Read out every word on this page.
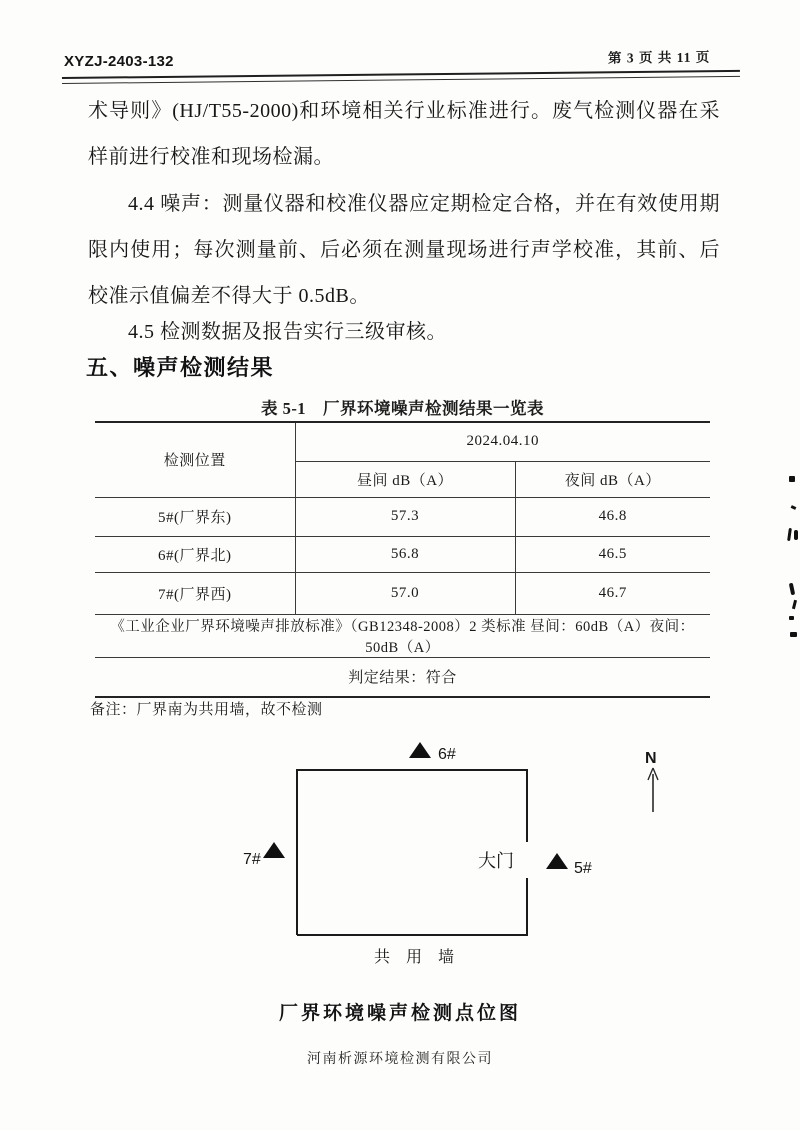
XYZJ-2403-132	第 3 页 共 11 页
术导则》(HJ/T55-2000)和环境相关行业标准进行。废气检测仪器在采样前进行校准和现场检漏。
4.4 噪声：测量仪器和校准仪器应定期检定合格，并在有效使用期限内使用；每次测量前、后必须在测量现场进行声学校准，其前、后校准示值偏差不得大于 0.5dB。
4.5 检测数据及报告实行三级审核。
五、噪声检测结果
表 5-1　厂界环境噪声检测结果一览表
检测位置	2024.04.10	
	昼间 dB（A）	夜间 dB（A）
5#(厂界东)	57.3	46.8
6#(厂界北)	56.8	46.5
7#(厂界西)	57.0	46.7
《工业企业厂界环境噪声排放标准》（GB12348-2008）2 类标准 昼间：60dB（A）夜间：50dB（A）		
判定结果：符合		
备注：厂界南为共用墙，故不检测
6#
7#
5#
大门
共 用 墙
N
厂界环境噪声检测点位图
河南析源环境检测有限公司
